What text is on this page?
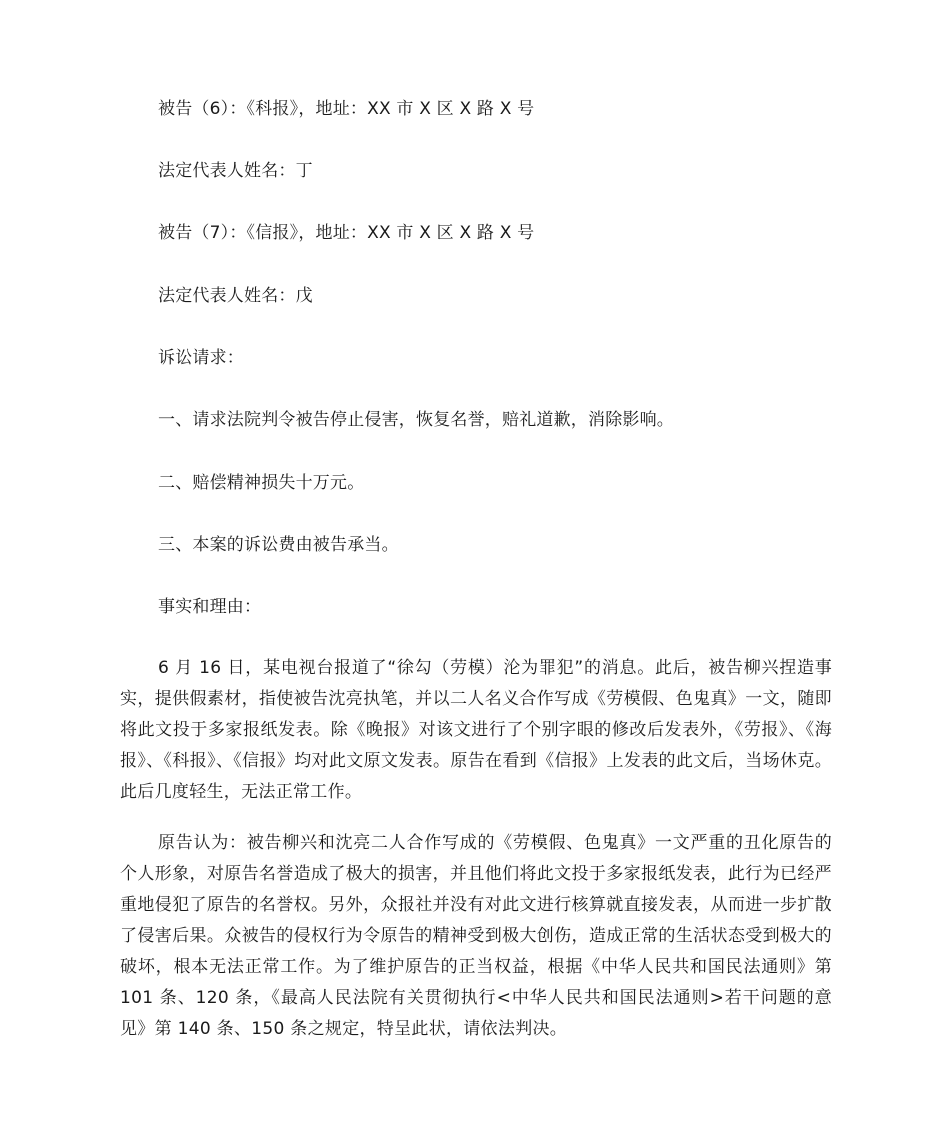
被告（6）：《科报》，地址：XX 市 X 区 X 路 X 号
法定代表人姓名：丁
被告（7）：《信报》，地址：XX 市 X 区 X 路 X 号
法定代表人姓名：戊
诉讼请求：
一、请求法院判令被告停止侵害，恢复名誉，赔礼道歉，消除影响。
二、赔偿精神损失十万元。
三、本案的诉讼费由被告承当。
事实和理由：
6 月 16 日，某电视台报道了“徐勾（劳模）沦为罪犯”的消息。此后，被告柳兴捏造事实，提供假素材，指使被告沈亮执笔，并以二人名义合作写成《劳模假、色鬼真》一文，随即将此文投于多家报纸发表。除《晚报》对该文进行了个别字眼的修改后发表外，《劳报》、《海报》、《科报》、《信报》均对此文原文发表。原告在看到《信报》上发表的此文后，当场休克。此后几度轻生，无法正常工作。
原告认为：被告柳兴和沈亮二人合作写成的《劳模假、色鬼真》一文严重的丑化原告的个人形象，对原告名誉造成了极大的损害，并且他们将此文投于多家报纸发表，此行为已经严重地侵犯了原告的名誉权。另外，众报社并没有对此文进行核算就直接发表，从而进一步扩散了侵害后果。众被告的侵权行为令原告的精神受到极大创伤，造成正常的生活状态受到极大的破坏，根本无法正常工作。为了维护原告的正当权益，根据《中华人民共和国民法通则》第 101 条、120 条，《最高人民法院有关贯彻执行<中华人民共和国民法通则>若干问题的意见》第 140 条、150 条之规定，特呈此状，请依法判决。
